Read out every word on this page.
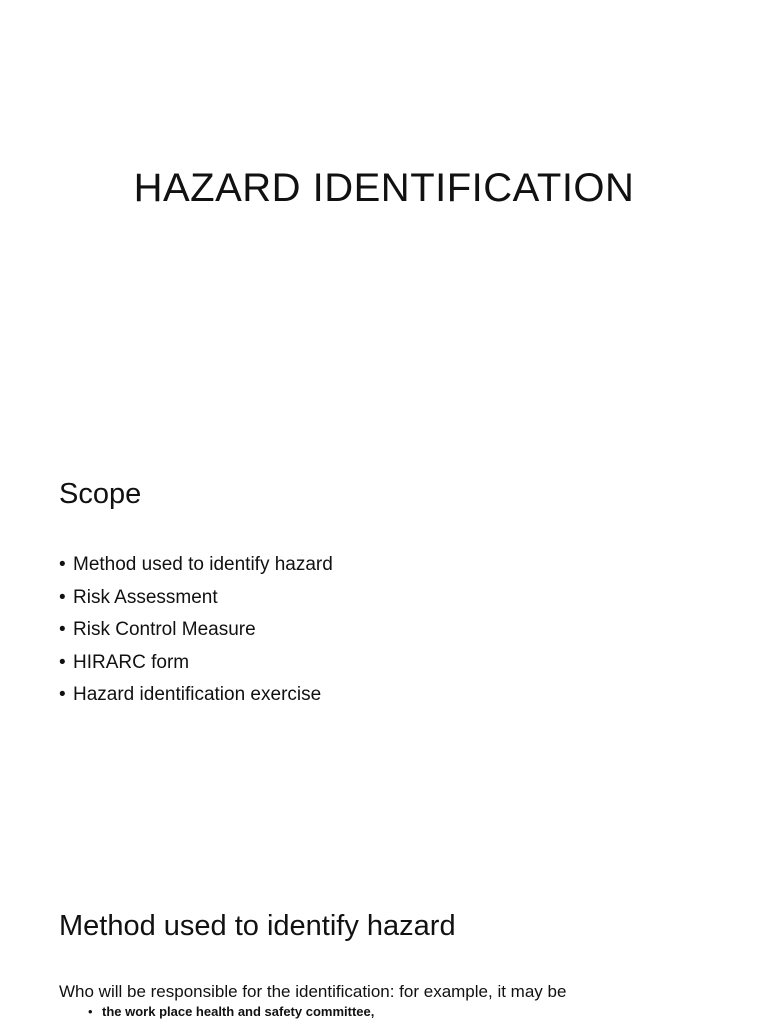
HAZARD IDENTIFICATION
Scope
• Method used to identify hazard
• Risk Assessment
• Risk Control Measure
• HIRARC form
• Hazard identification exercise
Method used to identify hazard

Who will be responsible for the identification: for example, it may be

• the work place health and safety committee,
